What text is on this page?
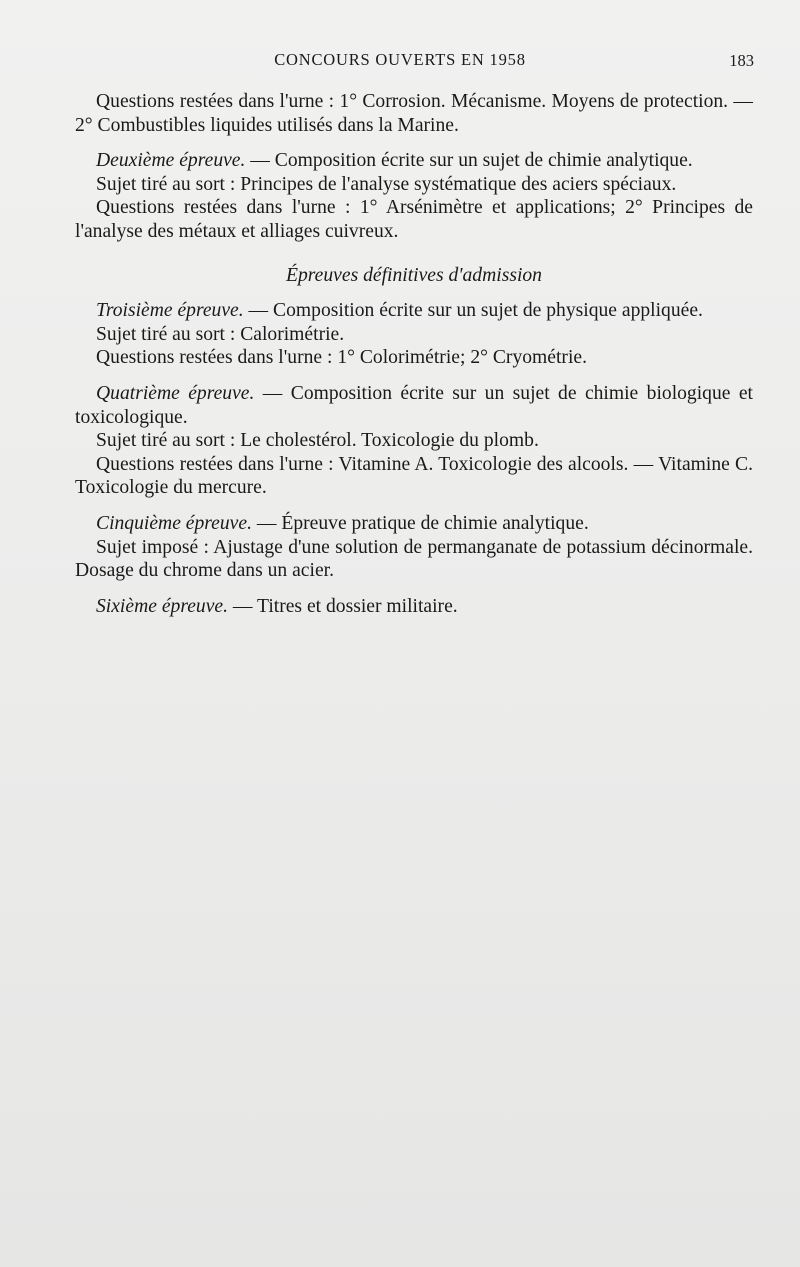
CONCOURS OUVERTS EN 1958	183

Questions restées dans l'urne : 1° Corrosion. Mécanisme. Moyens de protection. — 2° Combustibles liquides utilisés dans la Marine.

Deuxième épreuve. — Composition écrite sur un sujet de chimie analytique.

Sujet tiré au sort : Principes de l'analyse systématique des aciers spéciaux.

Questions restées dans l'urne : 1° Arsénimètre et applications; 2° Principes de l'analyse des métaux et alliages cuivreux.

Épreuves définitives d'admission

Troisième épreuve. — Composition écrite sur un sujet de physique appliquée.

Sujet tiré au sort : Calorimétrie.

Questions restées dans l'urne : 1° Colorimétrie; 2° Cryométrie.

Quatrième épreuve. — Composition écrite sur un sujet de chimie biologique et toxicologique.

Sujet tiré au sort : Le cholestérol. Toxicologie du plomb.

Questions restées dans l'urne : Vitamine A. Toxicologie des alcools. — Vitamine C. Toxicologie du mercure.

Cinquième épreuve. — Épreuve pratique de chimie analytique.

Sujet imposé : Ajustage d'une solution de permanganate de potassium décinormale. Dosage du chrome dans un acier.

Sixième épreuve. — Titres et dossier militaire.
